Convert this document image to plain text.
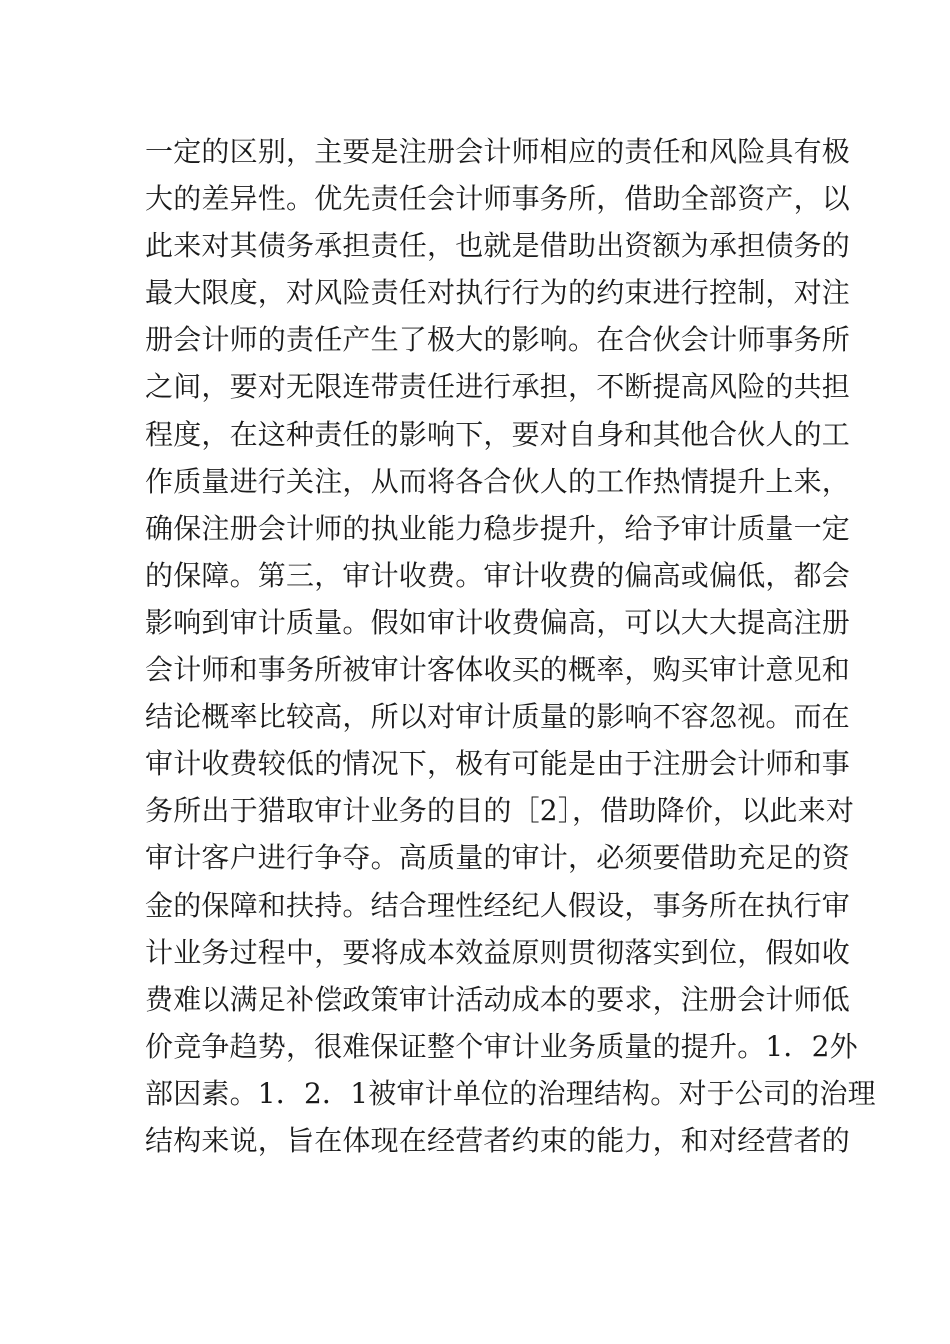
一定的区别，主要是注册会计师相应的责任和风险具有极
大的差异性。优先责任会计师事务所，借助全部资产，以
此来对其债务承担责任，也就是借助出资额为承担债务的
最大限度，对风险责任对执行行为的约束进行控制，对注
册会计师的责任产生了极大的影响。在合伙会计师事务所
之间，要对无限连带责任进行承担，不断提高风险的共担
程度，在这种责任的影响下，要对自身和其他合伙人的工
作质量进行关注，从而将各合伙人的工作热情提升上来，
确保注册会计师的执业能力稳步提升，给予审计质量一定
的保障。第三，审计收费。审计收费的偏高或偏低，都会
影响到审计质量。假如审计收费偏高，可以大大提高注册
会计师和事务所被审计客体收买的概率，购买审计意见和
结论概率比较高，所以对审计质量的影响不容忽视。而在
审计收费较低的情况下，极有可能是由于注册会计师和事
务所出于猎取审计业务的目的［2］，借助降价，以此来对
审计客户进行争夺。高质量的审计，必须要借助充足的资
金的保障和扶持。结合理性经纪人假设，事务所在执行审
计业务过程中，要将成本效益原则贯彻落实到位，假如收
费难以满足补偿政策审计活动成本的要求，注册会计师低
价竞争趋势，很难保证整个审计业务质量的提升。1．2外
部因素。1．2．1被审计单位的治理结构。对于公司的治理
结构来说，旨在体现在经营者约束的能力，和对经营者的
